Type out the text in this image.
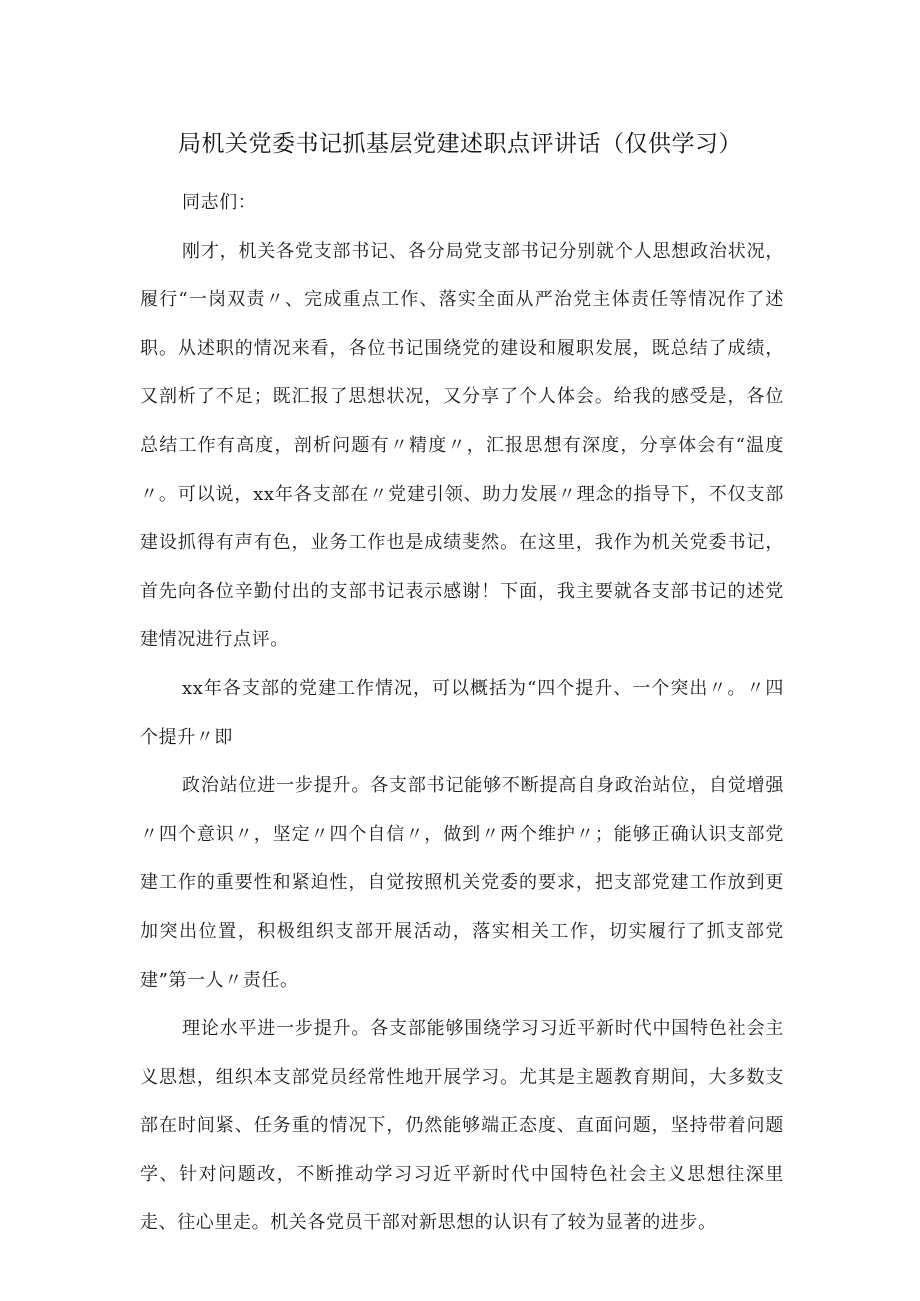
局机关党委书记抓基层党建述职点评讲话（仅供学习）

同志们：

刚才，机关各党支部书记、各分局党支部书记分别就个人思想政治状况，履行“一岗双责〃、完成重点工作、落实全面从严治党主体责任等情况作了述职。从述职的情况来看，各位书记围绕党的建设和履职发展，既总结了成绩，又剖析了不足；既汇报了思想状况，又分享了个人体会。给我的感受是，各位总结工作有高度，剖析问题有〃精度〃，汇报思想有深度，分享体会有“温度〃。可以说，xx年各支部在〃党建引领、助力发展〃理念的指导下，不仅支部建设抓得有声有色，业务工作也是成绩斐然。在这里，我作为机关党委书记，首先向各位辛勤付出的支部书记表示感谢！下面，我主要就各支部书记的述党建情况进行点评。

xx年各支部的党建工作情况，可以概括为“四个提升、一个突出〃。〃四个提升〃即

政治站位进一步提升。各支部书记能够不断提高自身政治站位，自觉增强〃四个意识〃，坚定〃四个自信〃，做到〃两个维护〃；能够正确认识支部党建工作的重要性和紧迫性，自觉按照机关党委的要求，把支部党建工作放到更加突出位置，积极组织支部开展活动，落实相关工作，切实履行了抓支部党建”第一人〃责任。

理论水平进一步提升。各支部能够围绕学习习近平新时代中国特色社会主义思想，组织本支部党员经常性地开展学习。尤其是主题教育期间，大多数支部在时间紧、任务重的情况下，仍然能够端正态度、直面问题，坚持带着问题学、针对问题改，不断推动学习习近平新时代中国特色社会主义思想往深里走、往心里走。机关各党员干部对新思想的认识有了较为显著的进步。
